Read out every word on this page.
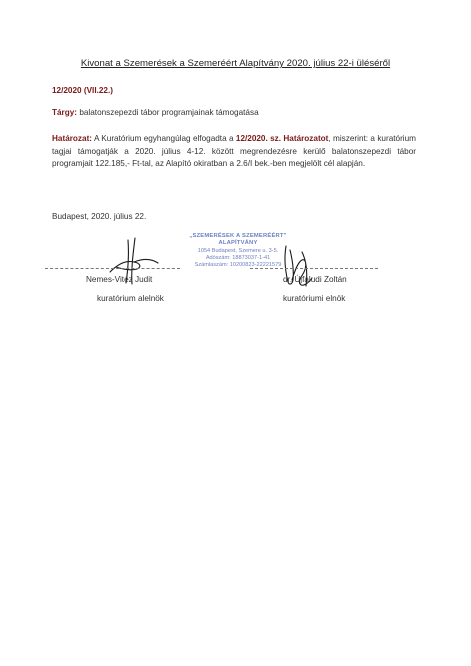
Kivonat a Szemerések a Szemeréért Alapítvány 2020. július 22-i üléséről
12/2020 (VII.22.)
Tárgy: balatonszepezdi tábor programjainak támogatása
Határozat: A Kuratórium egyhangúlag elfogadta a 12/2020. sz. Határozatot, miszerint: a kuratórium tagjai támogatják a 2020. július 4-12. között megrendezésre kerülő balatonszepezdi tábor programjait 122.185,- Ft-tal, az Alapító okiratban a 2.6/I bek.-ben megjelölt cél alapján.
Budapest, 2020. július 22.
„SZEMERÉSEK A SZEMERÉÉRT"
ALAPÍTVÁNY
1054 Budapest, Szemere u. 3-5.
Adószám: 18873037-1-41
Számlaszám: 10200823-22221579
Nemes-Vitéz Judit
kuratórium alelnök
dr. Újfaludi Zoltán
kuratóriumi elnök
